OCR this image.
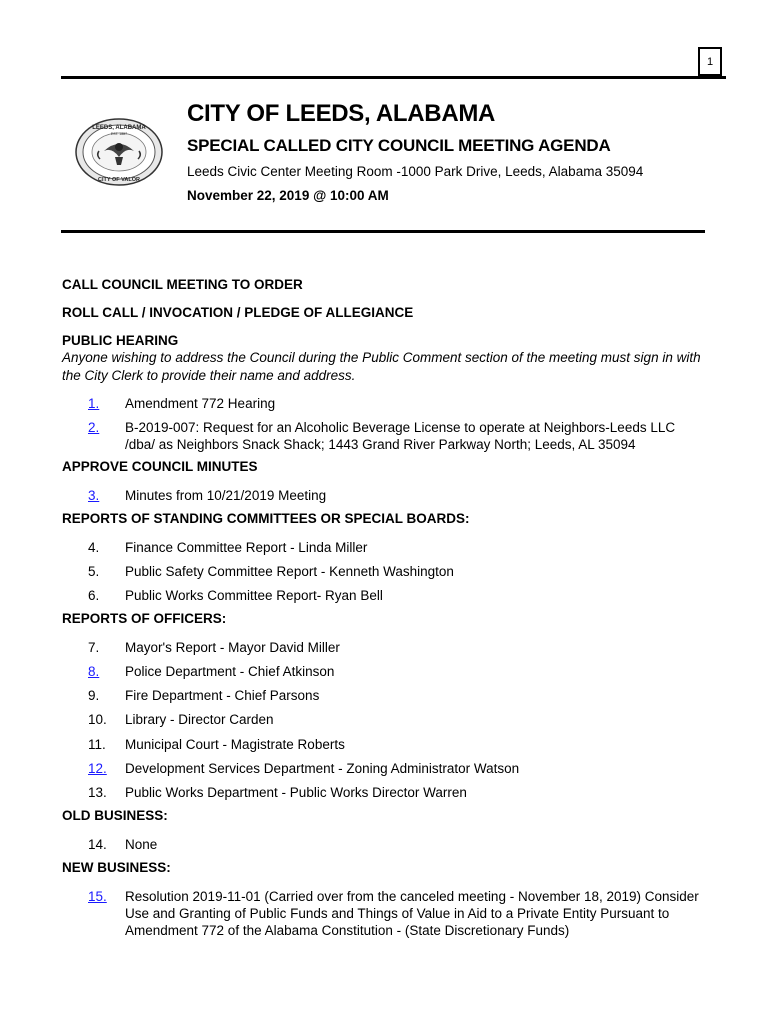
1
LEEDS, ALABAMA
EST. 1887
CITY OF VALOR
CITY OF LEEDS, ALABAMA
SPECIAL CALLED CITY COUNCIL MEETING AGENDA
Leeds Civic Center Meeting Room -1000 Park Drive, Leeds, Alabama 35094
November 22, 2019 @ 10:00 AM
CALL COUNCIL MEETING TO ORDER
ROLL CALL / INVOCATION / PLEDGE OF ALLEGIANCE
PUBLIC HEARING
Anyone wishing to address the Council during the Public Comment section of the meeting must sign in with the City Clerk to provide their name and address.
1.	Amendment 772 Hearing
2.	B-2019-007: Request for an Alcoholic Beverage License to operate at Neighbors-Leeds LLC /dba/ as Neighbors Snack Shack; 1443 Grand River Parkway North; Leeds, AL 35094
APPROVE COUNCIL MINUTES
3.	Minutes from 10/21/2019 Meeting
REPORTS OF STANDING COMMITTEES OR SPECIAL BOARDS:
4.	Finance Committee Report - Linda Miller
5.	Public Safety Committee Report - Kenneth Washington
6.	Public Works Committee Report- Ryan Bell
REPORTS OF OFFICERS:
7.	Mayor's Report - Mayor David Miller
8.	Police Department - Chief Atkinson
9.	Fire Department - Chief Parsons
10.	Library - Director Carden
11.	Municipal Court - Magistrate Roberts
12.	Development Services Department - Zoning Administrator Watson
13.	Public Works Department - Public Works Director Warren
OLD BUSINESS:
14.	None
NEW BUSINESS:
15.	Resolution 2019-11-01 (Carried over from the canceled meeting - November 18, 2019) Consider Use and Granting of Public Funds and Things of Value in Aid to a Private Entity Pursuant to Amendment 772 of the Alabama Constitution - (State Discretionary Funds)
